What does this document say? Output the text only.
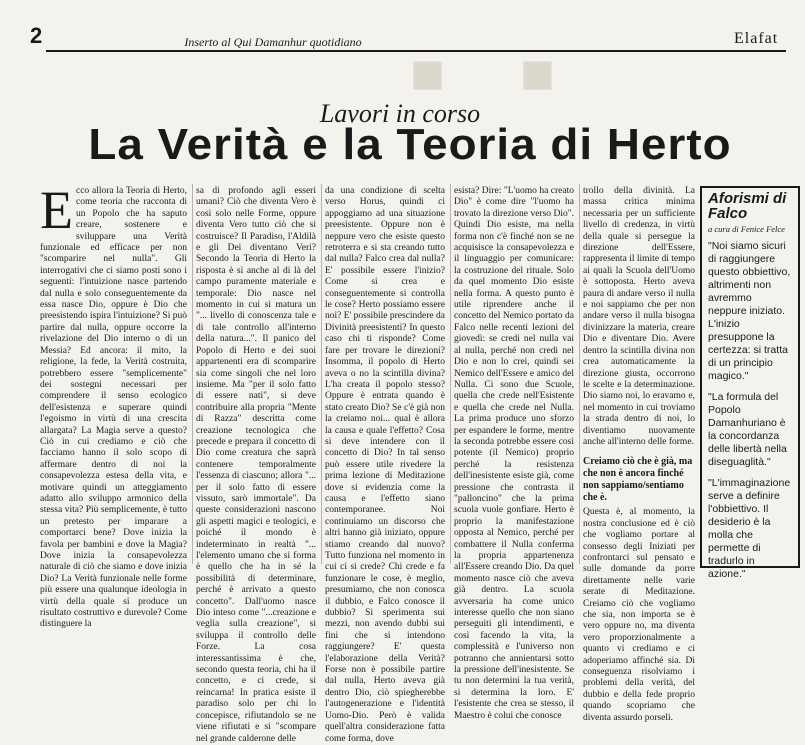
2	Inserto al Qui Damanhur quotidiano	Elafat
■ ■
Lavori in corso
La Verità e la Teoria di Herto
E cco allora la Teoria di Herto, come teoria che racconta di un Popolo che ha saputo creare, sostenere e sviluppare una Verità funzionale ed efficace per non "scomparire nel nulla". Gli interrogativi che ci siamo posti sono i seguenti: l'intuizione nasce partendo dal nulla e solo conseguentemente da essa nasce Dio, oppure è Dio che preesistendo ispira l'intuizione? Si può partire dal nulla, oppure occorre la rivelazione del Dio interno o di un Messia? Ed ancora: il mito, la religione, la fede, la Verità costruita, potrebbero essere "semplicemente" dei sostegni necessari per comprendere il senso ecologico dell'esistenza e superare quindi l'egoismo in virtù di una crescita allargata? La Magia serve a questo? Ciò in cui crediamo e ciò che facciamo hanno il solo scopo di affermare dentro di noi la consapevolezza estesa della vita, e motivare quindi un atteggiamento adatto allo sviluppo armonico della stessa vita? Più semplicemente, è tutto un pretesto per imparare a comportarci bene? Dove inizia la favola per bambini e dove la Magia? Dove inizia la consapevolezza naturale di ciò che siamo e dove inizia Dio? La Verità funzionale nelle forme più essere una qualunque ideologia in virtù della quale si produce un risultato costruttivo e durevole? Come distinguere la

sa di profondo agli esseri umani? Ciò che diventa Vero è così solo nelle Forme, oppure diventa Vero tutto ciò che si costruisce? Il Paradiso, l'Aldilà e gli Dei diventano Veri? Secondo la Teoria di Herto la risposta è sì anche al di là del campo puramente materiale e temporale: Dio nasce nel momento in cui si matura un "... livello di conoscenza tale e di tale controllo all'interno della natura...". Il panico del Popolo di Herto e dei suoi appartenenti era di scomparire sia come singoli che nel loro insieme. Ma "per il solo fatto di essere nati", si deve contribuire alla propria "Mente di Razza" descritta come creazione tecnologica che precede e prepara il concetto di Dio come creatura che saprà contenere temporalmente l'essenza di ciascuno; allora "... per il solo fatto di essere vissuto, sarò immortale". Da queste considerazioni nascono gli aspetti magici e teologici, e poiché il mondo è indeterminato in realtà "... l'elemento umano che si forma è quello che ha in sé la possibilità di determinare, perché è arrivato a questo concetto". Dall'uomo nasce Dio inteso come "...creazione e veglia sulla creazione", si sviluppa il controllo delle Forze. La cosa interessantissima è che, secondo questa teoria, chi ha il concetto, e ci crede, si reincarna! In pratica esiste il paradiso solo per chi lo concepisce, rifiutandolo se ne viene rifiutati e si "scompare nel grande calderone delle

da una condizione di scelta verso Horus, quindi ci appoggiamo ad una situazione preesistente. Oppure non è neppure vero che esiste questo retroterra e si sta creando tutto dal nulla? Falco crea dal nulla? E' possibile essere l'inizio? Come si crea e conseguentemente si controlla le cose? Herto possiamo essere noi? E' possibile prescindere da Divinità preesistenti? In questo caso chi ti risponde? Come fare per trovare le direzioni? Insomma, il popolo di Herto aveva o no la scintilla divina? L'ha creata il popolo stesso? Oppure è entrata quando è stato creato Dio? Se c'è già non la creiamo noi... qual è allora la causa e quale l'effetto? Cosa si deve intendere con il concetto di Dio? In tal senso può essere utile rivedere la prima lezione di Meditazione dove si evidenzia come la causa e l'effetto siano contemporanee. Noi continuiamo un discorso che altri hanno già iniziato, oppure stiamo creando dal nuovo? Tutto funziona nel momento in cui ci si crede? Chi crede e fa funzionare le cose, è meglio, presumiamo, che non conosca il dubbio, e Falco conosce il dubbio? Si sperimenta sui mezzi, non avendo dubbi sui fini che si intendono raggiungere? E' questa l'elaborazione della Verità? Forse non è possibile partire dal nulla, Herto aveva già dentro Dio, ciò spiegherebbe l'autogenerazione e l'identità Uomo-Dio. Però è valida quell'altra considerazione fatta come forma, dove

esista? Dire: "L'uomo ha creato Dio" è come dire "l'uomo ha trovato la direzione verso Dio". Quindi Dio esiste, ma nella forma non c'è finché non se ne acquisisce la consapevolezza e il linguaggio per comunicare: la costruzione del rituale. Solo da quel momento Dio esiste nella forma. A questo punto è utile riprendere anche il concetto del Nemico portato da Falco nelle recenti lezioni del giovedì: se credi nel nulla vai al nulla, perché non credi nel Dio e non lo crei, quindi sei Nemico dell'Essere e amico del Nulla. Ci sono due Scuole, quella che crede nell'Esistente e quella che crede nel Nulla. La prima produce uno sforzo per espandere le forme, mentre la seconda potrebbe essere così potente (il Nemico) proprio perché la resistenza dell'inesistente esiste già, come pressione che contrasta il "palloncino" che la prima scuola vuole gonfiare. Herto è proprio la manifestazione opposta al Nemico, perché per combattere il Nulla conferma la propria appartenenza all'Essere creando Dio. Da quel momento nasce ciò che aveva già dentro. La scuola avversaria ha come unico interesse quello che non siano perseguiti gli intendimenti, e così facendo la vita, la complessità e l'universo non potranno che annientarsi sotto la pressione dell'inesistente. Se tu non determini la tua verità, si determina la loro. E' l'esistente che crea se stesso, il Maestro è colui che conosce

trollo della divinità. La massa critica minima necessaria per un sufficiente livello di credenza, in virtù della quale si persegue la direzione dell'Essere, rappresenta il limite di tempo ai quali la Scuola dell'Uomo è sottoposta. Herto aveva paura di andare verso il nulla e noi sappiamo che per non andare verso il nulla bisogna divinizzare la materia, creare Dio e diventare Dio. Avere dentro la scintilla divina non crea automaticamente la direzione giusta, occorrono le scelte e la determinazione. Dio siamo noi, lo eravamo e, nel momento in cui troviamo la strada dentro di noi, lo diventiamo nuovamente anche all'interno delle forme.

Creiamo ciò che è già, ma che non è ancora finché non sappiamo/sentiamo che è.

Questa è, al momento, la nostra conclusione ed è ciò che vogliamo portare al consesso degli Iniziati per confrontarci sul pensato e sulle domande da porre direttamente nelle varie serate di Meditazione. Creiamo ciò che vogliamo che sia, non importa se è vero oppure no, ma diventa vero proporzionalmente a quanto vi crediamo e ci adoperiamo affinché sia. Di conseguenza risolviamo i problemi della verità, del dubbio e della fede proprio quando scopriamo che diventa assurdo porseli.

Aforismi di Falco
a cura di Fenice Felce
"Noi siamo sicuri di raggiungere questo obbiettivo, altrimenti non avremmo neppure iniziato. L'inizio presuppone la certezza: si tratta di un principio magico."
"La formula del Popolo Damanhuriano è la concordanza delle libertà nella diseguaglità."
"L'immaginazione serve a definire l'obbiettivo. Il desiderio è la molla che permette di tradurlo in azione."
